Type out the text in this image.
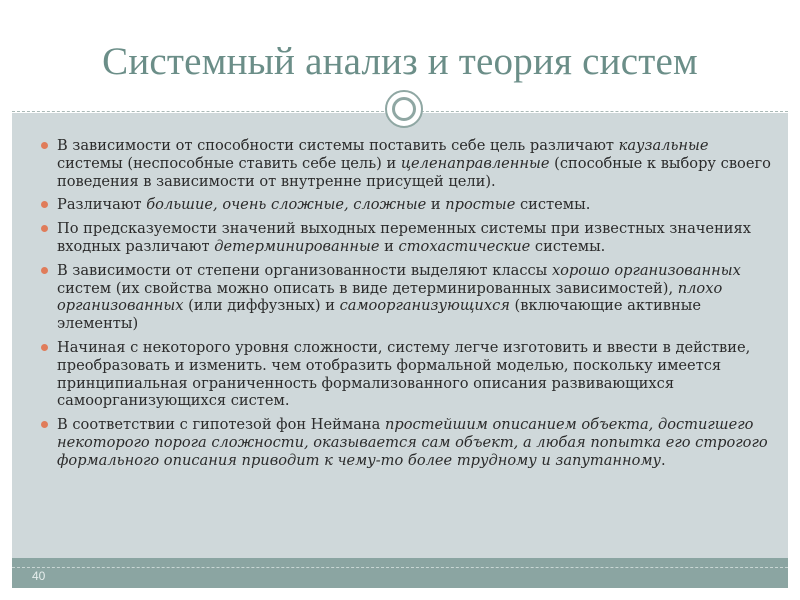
Системный анализ и теория систем
В зависимости от способности системы поставить себе цель различают каузальные системы (неспособные ставить себе цель) и целенаправленные (способные к выбору своего поведения в зависимости от внутренне присущей цели).
Различают большие, очень сложные, сложные и простые системы.
По предсказуемости значений выходных переменных системы при известных значениях входных различают детерминированные и стохастические системы.
В зависимости от степени организованности выделяют классы хорошо организованных систем (их свойства можно описать в виде детерминированных зависимостей), плохо организованных (или диффузных) и самоорганизующихся (включающие активные элементы)
Начиная с некоторого уровня сложности, систему легче изготовить и ввести в действие, преобразовать и изменить. чем отобразить формальной моделью, поскольку имеется принципиальная ограниченность формализованного описания развивающихся самоорганизующихся систем.
В соответствии с гипотезой фон Неймана простейшим описанием объекта, достигшего некоторого порога сложности, оказывается сам объект, а любая попытка его строгого формального описания приводит к чему-то более трудному и запутанному.
40
